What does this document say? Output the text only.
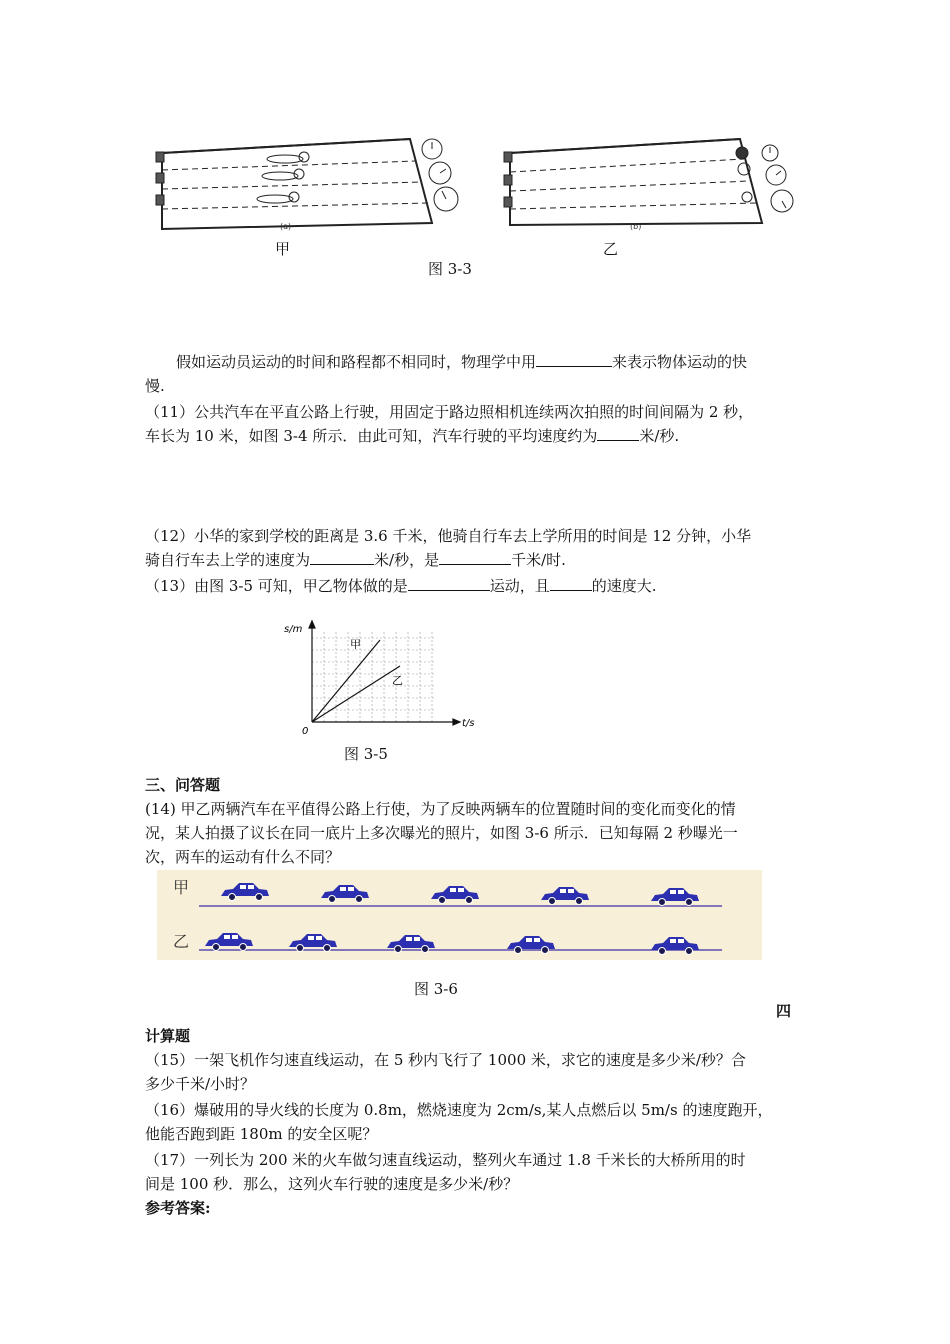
(a)	(b)
甲	乙
图 3-3
假如运动员运动的时间和路程都不相同时，物理学中用	来表示物体运动的快
慢.
（11）公共汽车在平直公路上行驶，用固定于路边照相机连续两次拍照的时间间隔为 2 秒，
车长为 10 米，如图 3-4 所示．由此可知，汽车行驶的平均速度约为	米/秒.
（12）小华的家到学校的距离是 3.6 千米，他骑自行车去上学所用的时间是 12 分钟，小华
骑自行车去上学的速度为	米/秒，是	千米/时.
（13）由图 3-5 可知，甲乙物体做的是	运动，且	的速度大.
s/m
t/s
0
甲
乙
图 3-5
三、问答题
(14) 甲乙两辆汽车在平值得公路上行使，为了反映两辆车的位置随时间的变化而变化的情
况，某人拍摄了议长在同一底片上多次曝光的照片，如图 3-6 所示．已知每隔 2 秒曝光一
次，两车的运动有什么不同？
甲
乙
图 3-6
四
计算题
（15）一架飞机作匀速直线运动，在 5 秒内飞行了 1000 米，求它的速度是多少米/秒？合
多少千米/小时？
（16）爆破用的导火线的长度为 0.8m，燃烧速度为 2cm/s,某人点燃后以 5m/s 的速度跑开，
他能否跑到距 180m 的安全区呢？
（17）一列长为 200 米的火车做匀速直线运动，整列火车通过 1.8 千米长的大桥所用的时
间是 100 秒．那么，这列火车行驶的速度是多少米/秒？
参考答案:
